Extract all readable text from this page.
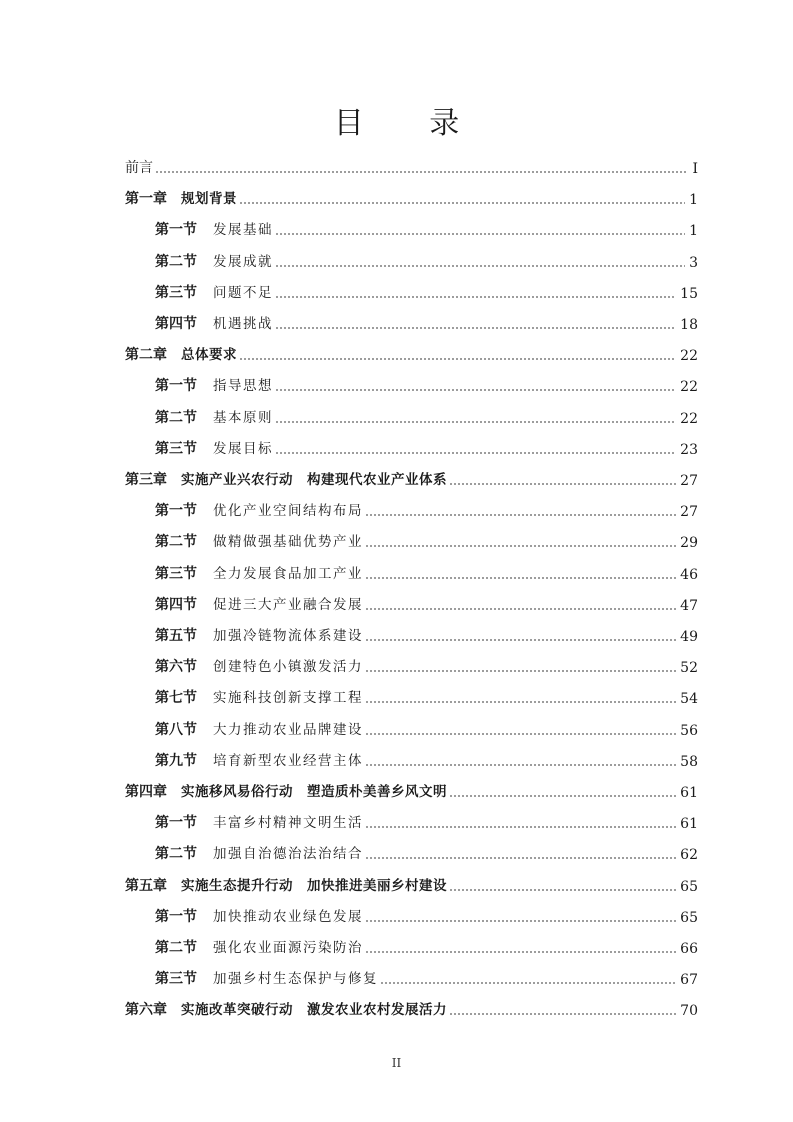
目 录
前言	I
第一章 规划背景	1
第一节 发展基础	1
第二节 发展成就	3
第三节 问题不足	15
第四节 机遇挑战	18
第二章 总体要求	22
第一节 指导思想	22
第二节 基本原则	22
第三节 发展目标	23
第三章 实施产业兴农行动　构建现代农业产业体系	27
第一节 优化产业空间结构布局	27
第二节 做精做强基础优势产业	29
第三节 全力发展食品加工产业	46
第四节 促进三大产业融合发展	47
第五节 加强冷链物流体系建设	49
第六节 创建特色小镇激发活力	52
第七节 实施科技创新支撑工程	54
第八节 大力推动农业品牌建设	56
第九节 培育新型农业经营主体	58
第四章 实施移风易俗行动　塑造质朴美善乡风文明	61
第一节 丰富乡村精神文明生活	61
第二节 加强自治德治法治结合	62
第五章 实施生态提升行动　加快推进美丽乡村建设	65
第一节 加快推动农业绿色发展	65
第二节 强化农业面源污染防治	66
第三节 加强乡村生态保护与修复	67
第六章 实施改革突破行动　激发农业农村发展活力	70
II
